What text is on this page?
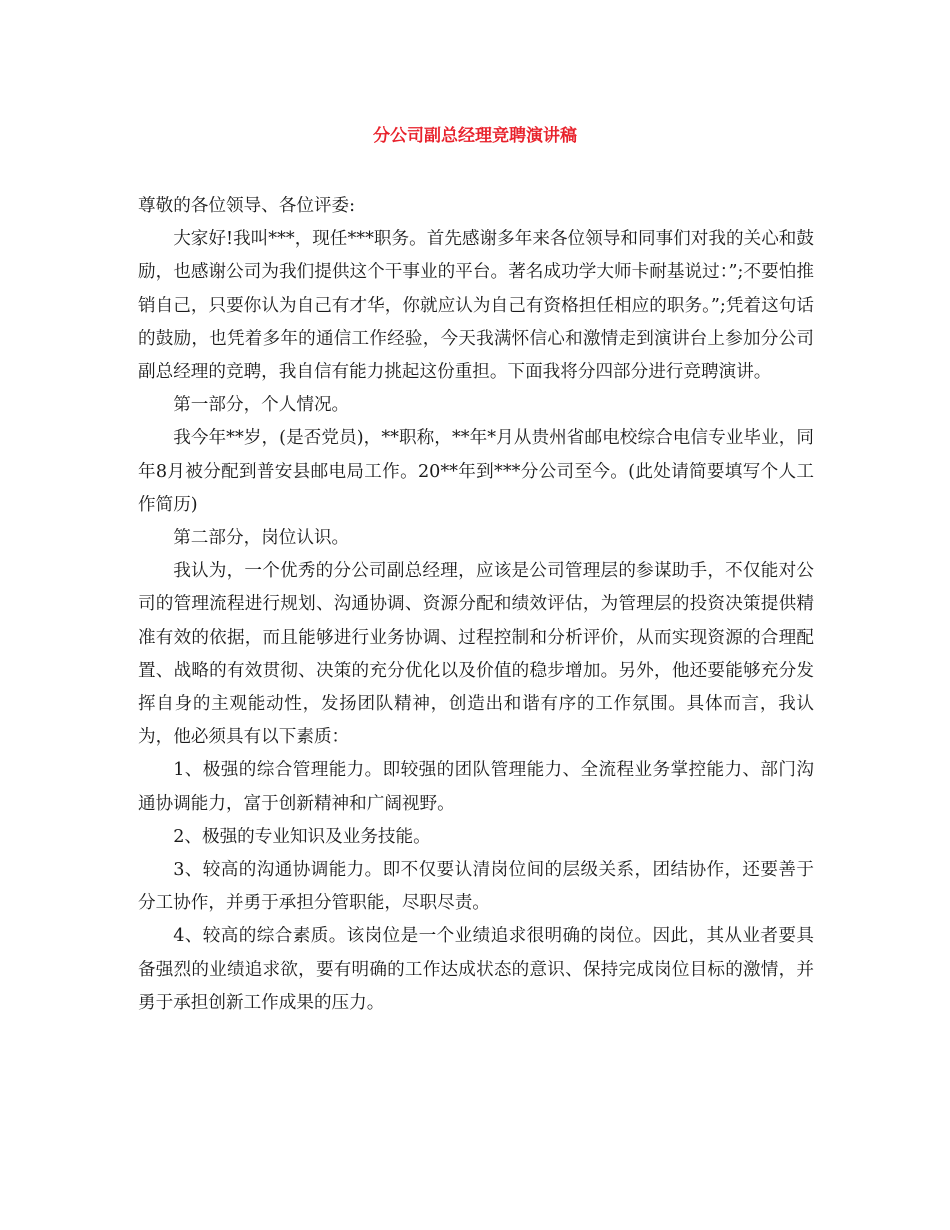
分公司副总经理竞聘演讲稿

尊敬的各位领导、各位评委:

大家好!我叫***，现任***职务。首先感谢多年来各位领导和同事们对我的关心和鼓励，也感谢公司为我们提供这个干事业的平台。著名成功学大师卡耐基说过：”;不要怕推销自己，只要你认为自己有才华，你就应认为自己有资格担任相应的职务。”;凭着这句话的鼓励，也凭着多年的通信工作经验，今天我满怀信心和激情走到演讲台上参加分公司副总经理的竞聘，我自信有能力挑起这份重担。下面我将分四部分进行竞聘演讲。

第一部分，个人情况。

我今年**岁，(是否党员)，**职称，**年*月从贵州省邮电校综合电信专业毕业，同年8月被分配到普安县邮电局工作。20**年到***分公司至今。(此处请简要填写个人工作简历)

第二部分，岗位认识。

我认为，一个优秀的分公司副总经理，应该是公司管理层的参谋助手，不仅能对公司的管理流程进行规划、沟通协调、资源分配和绩效评估，为管理层的投资决策提供精准有效的依据，而且能够进行业务协调、过程控制和分析评价，从而实现资源的合理配置、战略的有效贯彻、决策的充分优化以及价值的稳步增加。另外，他还要能够充分发挥自身的主观能动性，发扬团队精神，创造出和谐有序的工作氛围。具体而言，我认为，他必须具有以下素质：

1、极强的综合管理能力。即较强的团队管理能力、全流程业务掌控能力、部门沟通协调能力，富于创新精神和广阔视野。

2、极强的专业知识及业务技能。

3、较高的沟通协调能力。即不仅要认清岗位间的层级关系，团结协作，还要善于分工协作，并勇于承担分管职能，尽职尽责。

4、较高的综合素质。该岗位是一个业绩追求很明确的岗位。因此，其从业者要具备强烈的业绩追求欲，要有明确的工作达成状态的意识、保持完成岗位目标的激情，并勇于承担创新工作成果的压力。
